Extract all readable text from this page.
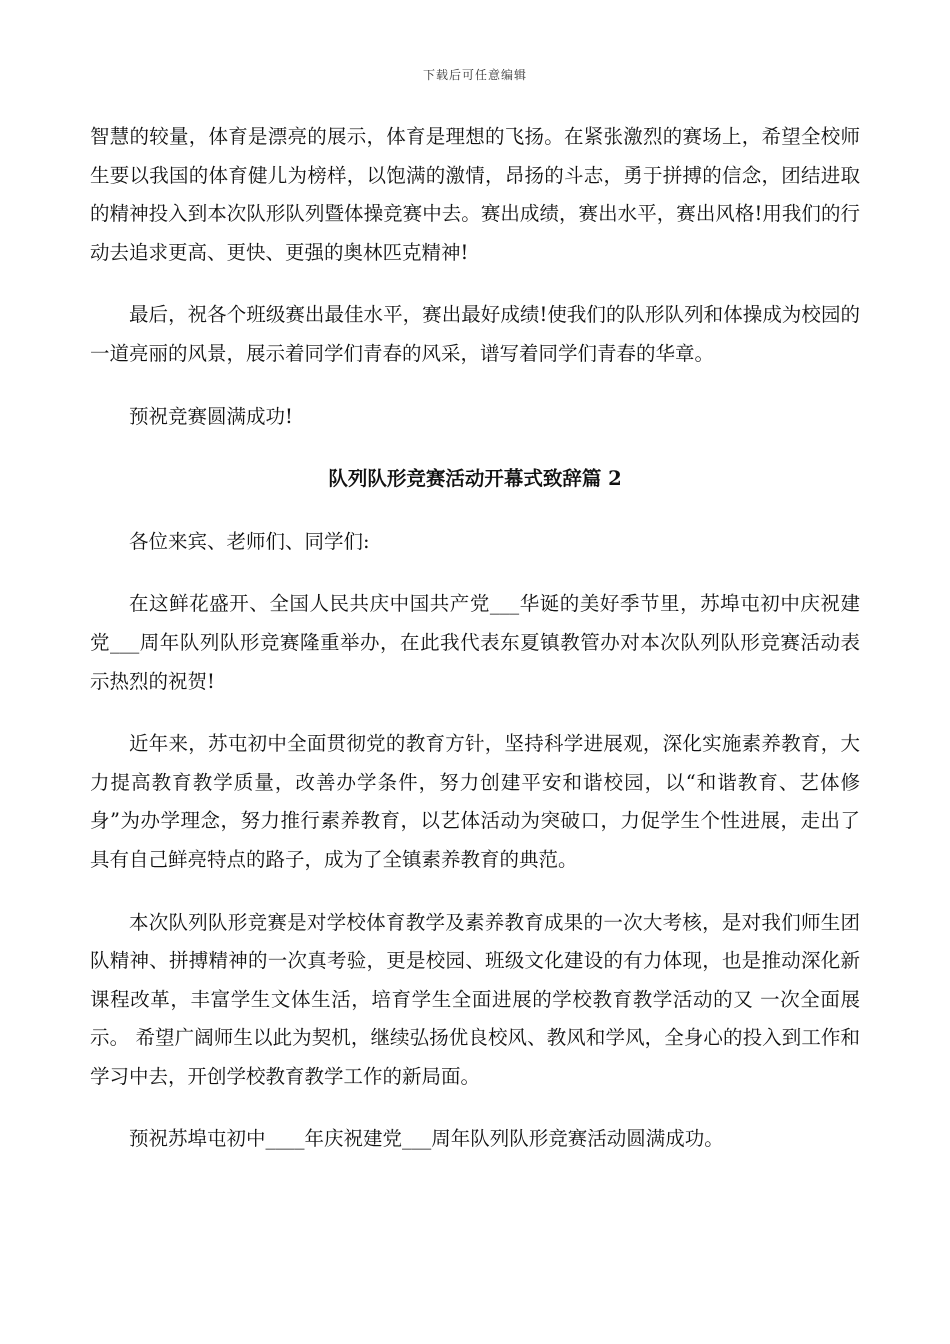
下载后可任意编辑

智慧的较量，体育是漂亮的展示，体育是理想的飞扬。在紧张激烈的赛场上，希望全校师生要以我国的体育健儿为榜样，以饱满的激情，昂扬的斗志，勇于拼搏的信念，团结进取的精神投入到本次队形队列暨体操竞赛中去。赛出成绩，赛出水平，赛出风格!用我们的行动去追求更高、更快、更强的奥林匹克精神!

最后，祝各个班级赛出最佳水平，赛出最好成绩!使我们的队形队列和体操成为校园的一道亮丽的风景，展示着同学们青春的风采，谱写着同学们青春的华章。

预祝竞赛圆满成功!

队列队形竞赛活动开幕式致辞篇 2

各位来宾、老师们、同学们:

在这鲜花盛开、全国人民共庆中国共产党___华诞的美好季节里，苏埠屯初中庆祝建党___周年队列队形竞赛隆重举办，在此我代表东夏镇教管办对本次队列队形竞赛活动表示热烈的祝贺!

近年来，苏屯初中全面贯彻党的教育方针，坚持科学进展观，深化实施素养教育，大力提高教育教学质量，改善办学条件，努力创建平安和谐校园，以“和谐教育、艺体修身”为办学理念，努力推行素养教育，以艺体活动为突破口，力促学生个性进展，走出了具有自己鲜亮特点的路子，成为了全镇素养教育的典范。

本次队列队形竞赛是对学校体育教学及素养教育成果的一次大考核，是对我们师生团队精神、拼搏精神的一次真考验，更是校园、班级文化建设的有力体现，也是推动深化新课程改革，丰富学生文体生活，培育学生全面进展的学校教育教学活动的又 一次全面展示。 希望广阔师生以此为契机，继续弘扬优良校风、教风和学风，全身心的投入到工作和学习中去，开创学校教育教学工作的新局面。

预祝苏埠屯初中____年庆祝建党___周年队列队形竞赛活动圆满成功。
